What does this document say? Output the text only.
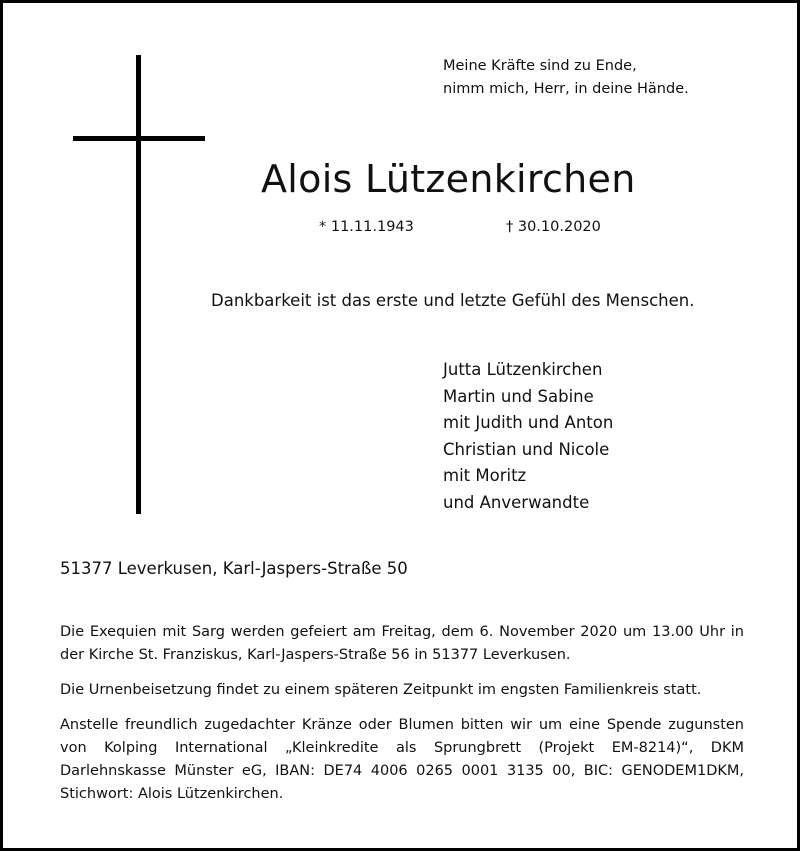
Meine Kräfte sind zu Ende,
nimm mich, Herr, in deine Hände.
Alois Lützenkirchen
* 11.11.1943	† 30.10.2020
Dankbarkeit ist das erste und letzte Gefühl des Menschen.
Jutta Lützenkirchen
Martin und Sabine
mit Judith und Anton
Christian und Nicole
mit Moritz
und Anverwandte
51377 Leverkusen, Karl-Jaspers-Straße 50
Die Exequien mit Sarg werden gefeiert am Freitag, dem 6. November 2020 um 13.00 Uhr in der Kirche St. Franziskus, Karl-Jaspers-Straße 56 in 51377 Leverkusen.
Die Urnenbeisetzung findet zu einem späteren Zeitpunkt im engsten Familienkreis statt.
Anstelle freundlich zugedachter Kränze oder Blumen bitten wir um eine Spende zugunsten von Kolping International „Kleinkredite als Sprungbrett (Projekt EM-8214)“, DKM Darlehnskasse Münster eG, IBAN: DE74 4006 0265 0001 3135 00, BIC: GENODEM1DKM, Stichwort: Alois Lützenkirchen.
